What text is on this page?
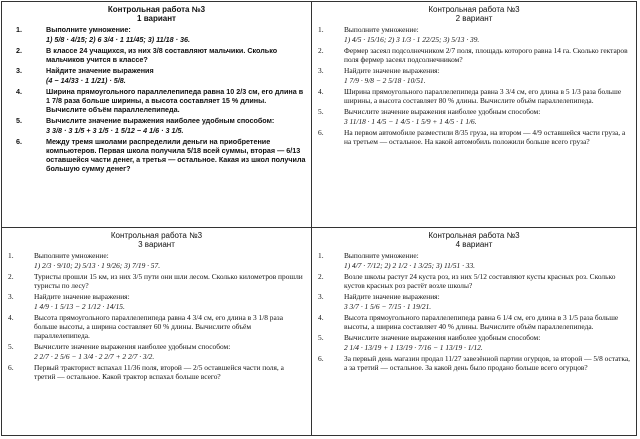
Контрольная работа №3
1 вариант
1.	Выполните умножение:
1) 5/8 · 4/15; 2) 6 3/4 · 1 11/45; 3) 11/18 · 36.
2.	В классе 24 учащихся, из них 3/8 составляют мальчики. Сколько мальчиков учится в классе?
3.	Найдите значение выражения
(4 − 14/33 · 1 1/21) · 5/8.
4.	Ширина прямоугольного параллелепипеда равна 10 2/3 см, его длина в 1 7/8 раза больше ширины, а высота составляет 15 % длины. Вычислите объём параллелепипеда.
5.	Вычислите значение выражения наиболее удобным способом:
3 3/8 · 3 1/5 + 3 1/5 · 1 5/12 − 4 1/6 · 3 1/5.
6.	Между тремя школами распределили деньги на приобретение компьютеров. Первая школа получила 5/18 всей суммы, вторая — 6/13 оставшейся части денег, а третья — остальное. Какая из школ получила большую сумму денег?
Контрольная работа №3
2 вариант
1.	Выполните умножение:
1) 4/5 · 15/16; 2) 3 1/3 · 1 22/25; 3) 5/13 · 39.
2.	Фермер засеял подсолнечником 2/7 поля, площадь которого равна 14 га. Сколько гектаров поля фермер засеял подсолнечником?
3.	Найдите значение выражения:
1 7/9 · 9/8 − 2 5/18 · 10/51.
4.	Ширина прямоугольного параллелепипеда равна 3 3/4 см, его длина в 5 1/3 раза больше ширины, а высота составляет 80 % длины. Вычислите объём параллелепипеда.
5.	Вычислите значение выражения наиболее удобным способом:
3 11/18 · 1 4/5 − 1 4/5 · 1 5/9 + 1 4/5 · 1 1/6.
6.	На первом автомобиле разместили 8/35 груза, на втором — 4/9 оставшейся части груза, а на третьем — остальное. На какой автомобиль положили больше всего груза?
Контрольная работа №3
3 вариант
1.	Выполните умножение:
1) 2/3 · 9/10; 2) 5/13 · 1 9/26; 3) 7/19 · 57.
2.	Туристы прошли 15 км, из них 3/5 пути они шли лесом. Сколько километров прошли туристы по лесу?
3.	Найдите значение выражения:
1 4/9 · 1 5/13 − 2 1/12 · 14/15.
4.	Высота прямоугольного параллелепипеда равна 4 3/4 см, его длина в 3 1/8 раза больше высоты, а ширина составляет 60 % длины. Вычислите объём параллелепипеда.
5.	Вычислите значение выражения наиболее удобным способом:
2 2/7 · 2 5/6 − 1 3/4 · 2 2/7 + 2 2/7 · 3/2.
6.	Первый тракторист вспахал 11/36 поля, второй — 2/5 оставшейся части поля, а третий — остальное. Какой трактор вспахал больше всего?
Контрольная работа №3
4 вариант
1.	Выполните умножение:
1) 4/7 · 7/12; 2) 2 1/2 · 1 3/25; 3) 11/51 · 33.
2.	Возле школы растут 24 куста роз, из них 5/12 составляют кусты красных роз. Сколько кустов красных роз растёт возле школы?
3.	Найдите значение выражения:
3 3/7 · 1 5/6 − 7/15 · 1 19/21.
4.	Высота прямоугольного параллелепипеда равна 6 1/4 см, его длина в 3 1/5 раза больше высоты, а ширина составляет 40 % длины. Вычислите объём параллелепипеда.
5.	Вычислите значение выражения наиболее удобным способом:
2 1/4 · 13/19 + 1 13/19 · 7/16 − 1 13/19 · 1/12.
6.	За первый день магазин продал 11/27 завезённой партии огурцов, за второй — 5/8 остатка, а за третий — остальное. За какой день было продано больше всего огурцов?
